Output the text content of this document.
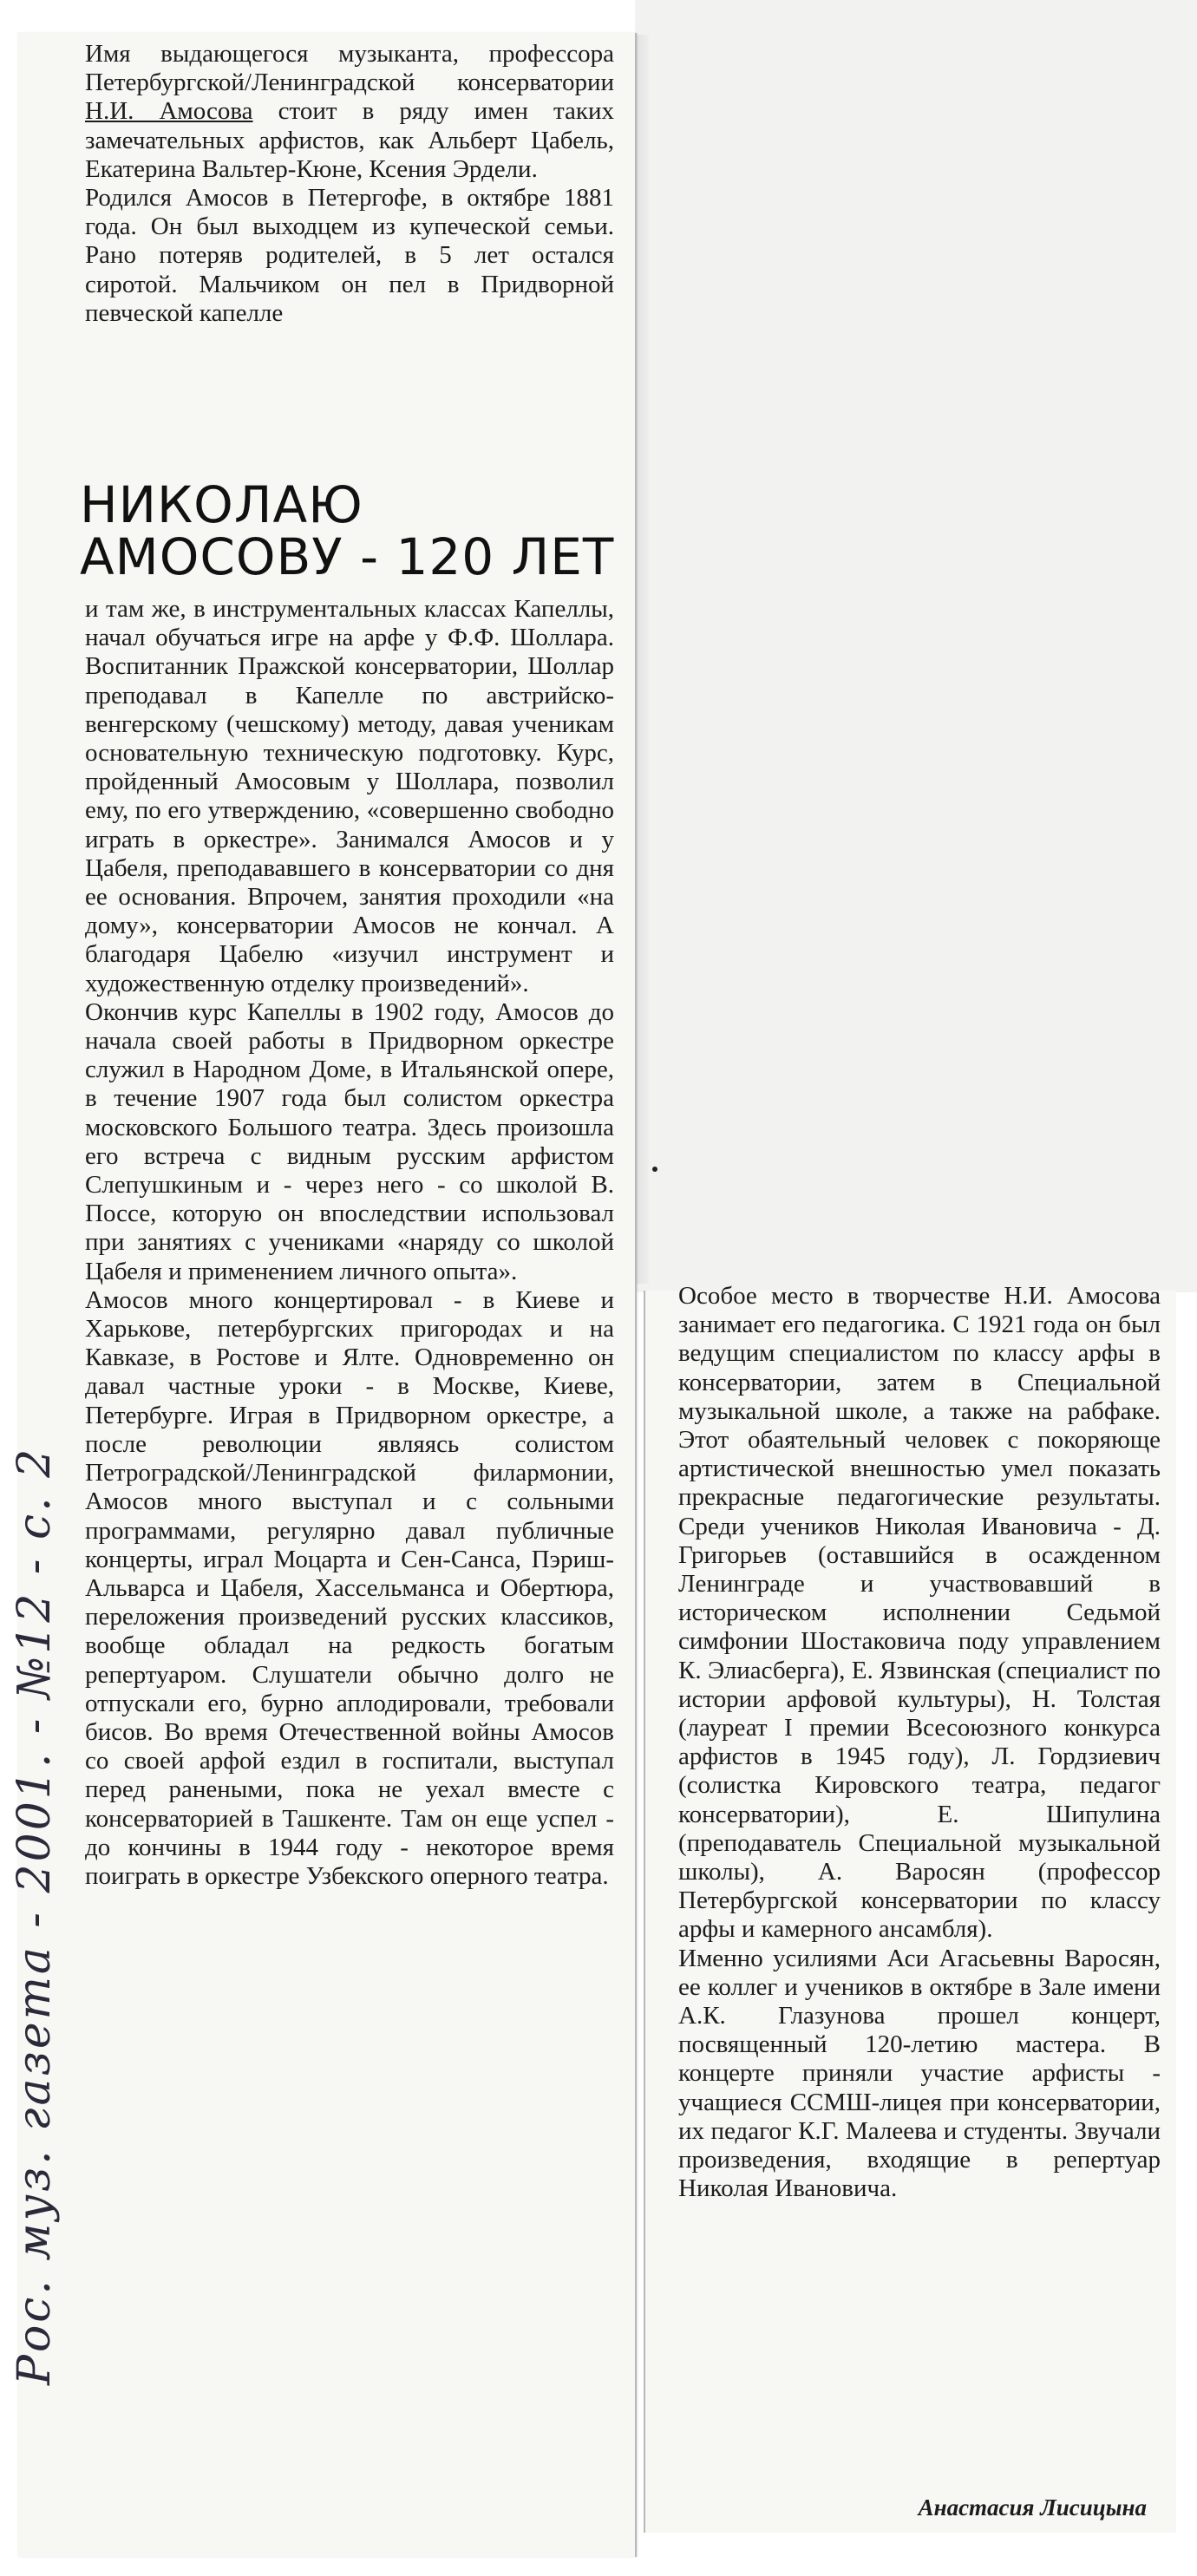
Имя выдающегося музыканта, профессора Петербургской/Ленинградской консерватории Н.И. Амосова стоит в ряду имен таких замечательных арфистов, как Альберт Цабель, Екатерина Вальтер-Кюне, Ксения Эрдели.

Родился Амосов в Петергофе, в октябре 1881 года. Он был выходцем из купеческой семьи. Рано потеряв родителей, в 5 лет остался сиротой. Мальчиком он пел в Придворной певческой капелле

НИКОЛАЮ
АМОСОВУ - 120 ЛЕТ

и там же, в инструментальных классах Капеллы, начал обучаться игре на арфе у Ф.Ф. Шоллара. Воспитанник Пражской консерватории, Шоллар преподавал в Капелле по австрийско-венгерскому (чешскому) методу, давая ученикам основательную техническую подготовку. Курс, пройденный Амосовым у Шоллара, позволил ему, по его утверждению, «совершенно свободно играть в оркестре». Занимался Амосов и у Цабеля, преподававшего в консерватории со дня ее основания. Впрочем, занятия проходили «на дому», консерватории Амосов не кончал. А благодаря Цабелю «изучил инструмент и художественную отделку произведений».

Окончив курс Капеллы в 1902 году, Амосов до начала своей работы в Придворном оркестре служил в Народном Доме, в Итальянской опере, в течение 1907 года был солистом оркестра московского Большого театра. Здесь произошла его встреча с видным русским арфистом Слепушкиным и - через него - со школой В. Поссе, которую он впоследствии использовал при занятиях с учениками «наряду со школой Цабеля и применением личного опыта».

Амосов много концертировал - в Киеве и Харькове, петербургских пригородах и на Кавказе, в Ростове и Ялте. Одновременно он давал частные уроки - в Москве, Киеве, Петербурге. Играя в Придворном оркестре, а после революции являясь солистом Петроградской/Ленинградской филармонии, Амосов много выступал и с сольными программами, регулярно давал публичные концерты, играл Моцарта и Сен-Санса, Пэриш-Альварса и Цабеля, Хассельманса и Обертюра, переложения произведений русских классиков, вообще обладал на редкость богатым репертуаром. Слушатели обычно долго не отпускали его, бурно аплодировали, требовали бисов. Во время Отечественной войны Амосов со своей арфой ездил в госпитали, выступал перед ранеными, пока не уехал вместе с консерваторией в Ташкенте. Там он еще успел - до кончины в 1944 году - некоторое время поиграть в оркестре Узбекского оперного театра.

Особое место в творчестве Н.И. Амосова занимает его педагогика. С 1921 года он был ведущим специалистом по классу арфы в консерватории, затем в Специальной музыкальной школе, а также на рабфаке. Этот обаятельный человек с покоряюще артистической внешностью умел показать прекрасные педагогические результаты. Среди учеников Николая Ивановича - Д. Григорьев (оставшийся в осажденном Ленинграде и участвовавший в историческом исполнении Седьмой симфонии Шостаковича поду управлением К. Элиасберга), Е. Язвинская (специалист по истории арфовой культуры), Н. Толстая (лауреат I премии Всесоюзного конкурса арфистов в 1945 году), Л. Гордзиевич (солистка Кировского театра, педагог консерватории), Е. Шипулина (преподаватель Специальной музыкальной школы), А. Варосян (профессор Петербургской консерватории по классу арфы и камерного ансамбля).

Именно усилиями Аси Агасьевны Варосян, ее коллег и учеников в октябре в Зале имени А.К. Глазунова прошел концерт, посвященный 120-летию мастера. В концерте приняли участие арфисты - учащиеся ССМШ-лицея при консерватории, их педагог К.Г. Малеева и студенты. Звучали произведения, входящие в репертуар Николая Ивановича.

Анастасия Лисицына
Рос. муз. газета - 2001. - №12 - с. 2
